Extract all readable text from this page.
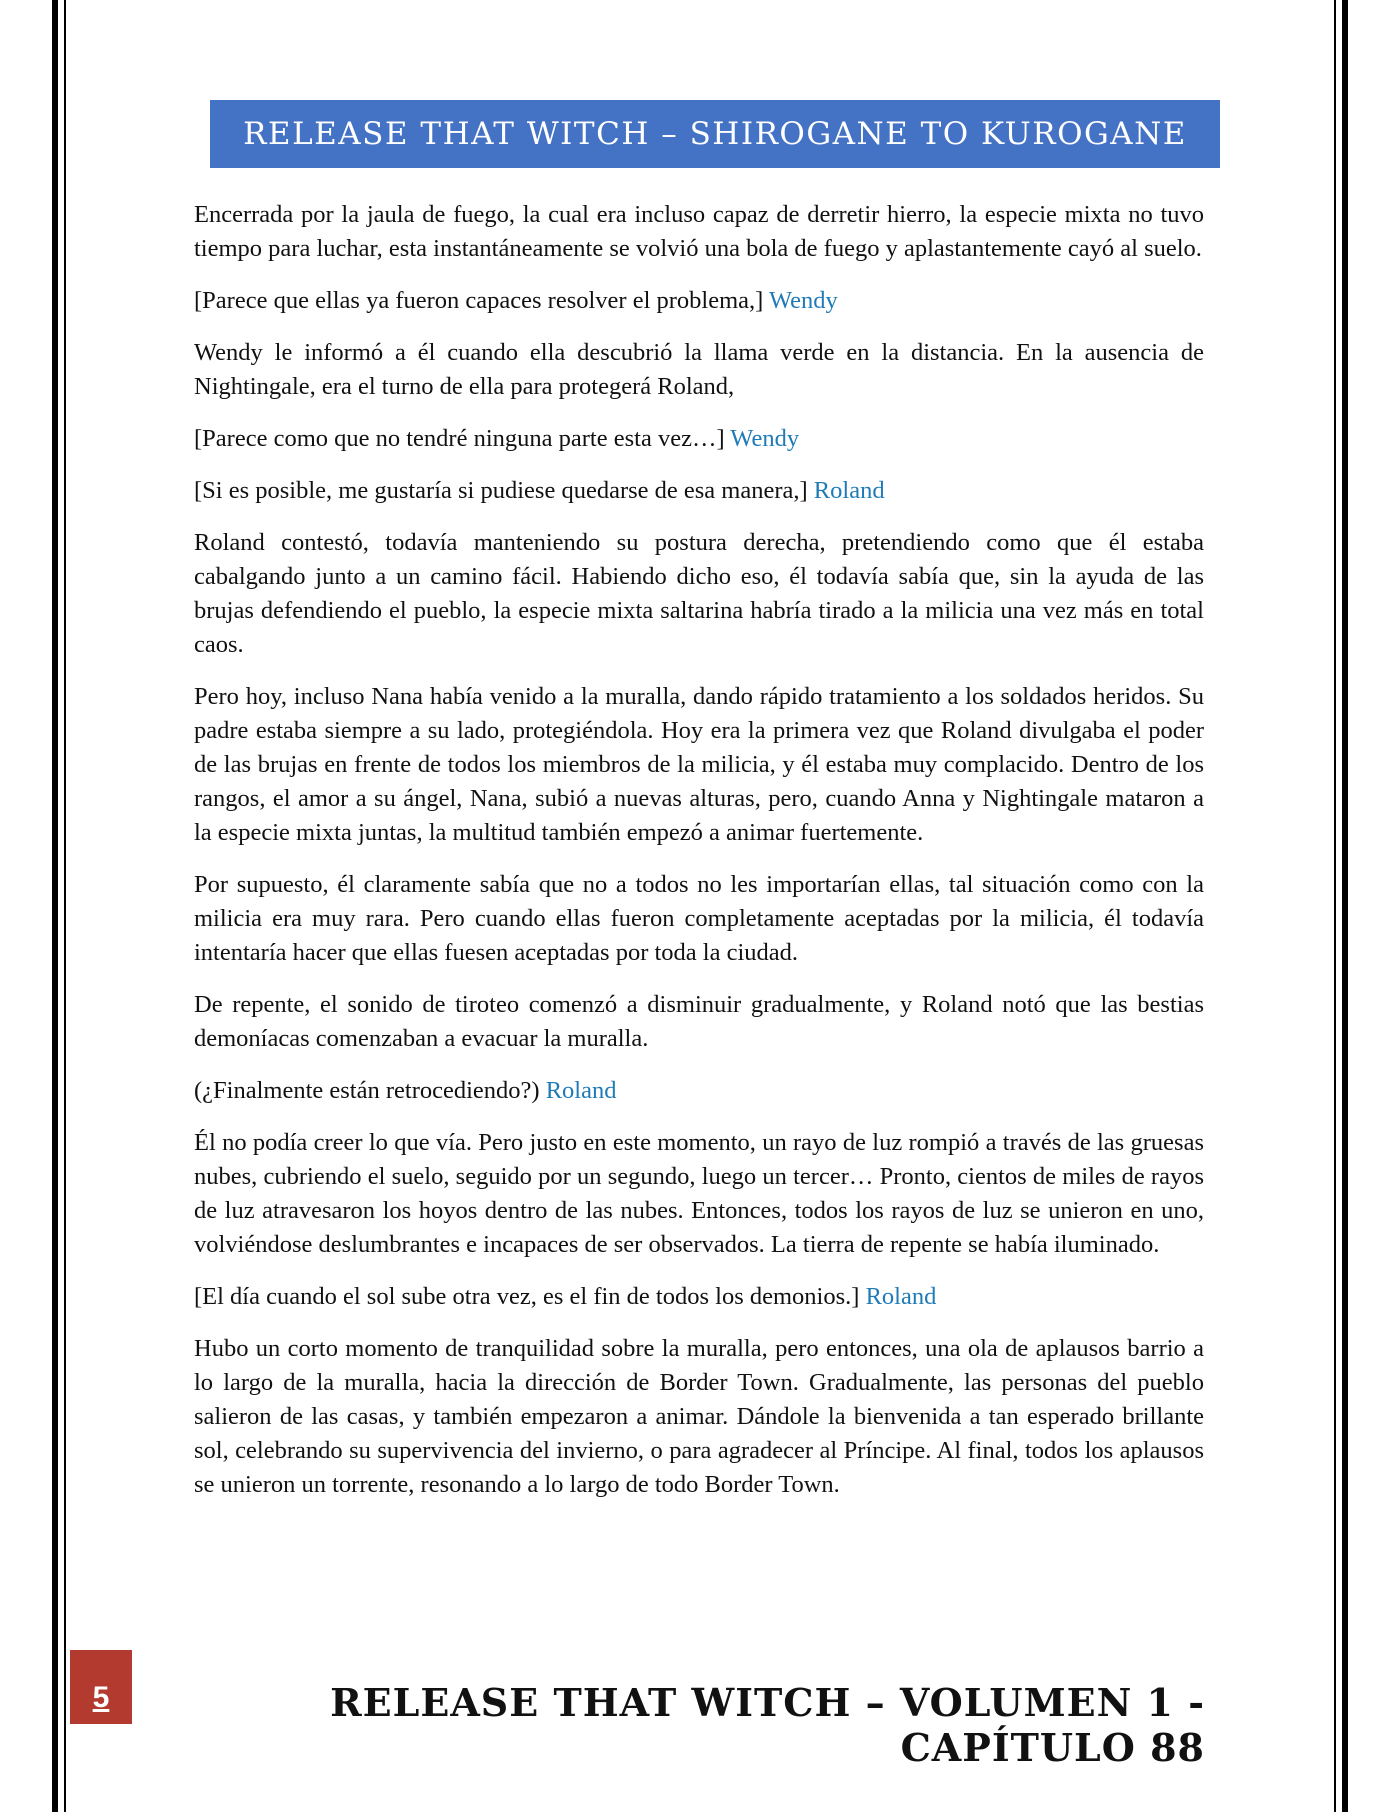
RELEASE THAT WITCH – SHIROGANE TO KUROGANE

Encerrada por la jaula de fuego, la cual era incluso capaz de derretir hierro, la especie mixta no tuvo tiempo para luchar, esta instantáneamente se volvió una bola de fuego y aplastantemente cayó al suelo.

[Parece que ellas ya fueron capaces resolver el problema,] Wendy

Wendy le informó a él cuando ella descubrió la llama verde en la distancia. En la ausencia de Nightingale, era el turno de ella para protegerá Roland,

[Parece como que no tendré ninguna parte esta vez…] Wendy

[Si es posible, me gustaría si pudiese quedarse de esa manera,] Roland

Roland contestó, todavía manteniendo su postura derecha, pretendiendo como que él estaba cabalgando junto a un camino fácil. Habiendo dicho eso, él todavía sabía que, sin la ayuda de las brujas defendiendo el pueblo, la especie mixta saltarina habría tirado a la milicia una vez más en total caos.

Pero hoy, incluso Nana había venido a la muralla, dando rápido tratamiento a los soldados heridos. Su padre estaba siempre a su lado, protegiéndola. Hoy era la primera vez que Roland divulgaba el poder de las brujas en frente de todos los miembros de la milicia, y él estaba muy complacido. Dentro de los rangos, el amor a su ángel, Nana, subió a nuevas alturas, pero, cuando Anna y Nightingale mataron a la especie mixta juntas, la multitud también empezó a animar fuertemente.

Por supuesto, él claramente sabía que no a todos no les importarían ellas, tal situación como con la milicia era muy rara. Pero cuando ellas fueron completamente aceptadas por la milicia, él todavía intentaría hacer que ellas fuesen aceptadas por toda la ciudad.

De repente, el sonido de tiroteo comenzó a disminuir gradualmente, y Roland notó que las bestias demoníacas comenzaban a evacuar la muralla.

(¿Finalmente están retrocediendo?) Roland

Él no podía creer lo que vía. Pero justo en este momento, un rayo de luz rompió a través de las gruesas nubes, cubriendo el suelo, seguido por un segundo, luego un tercer… Pronto, cientos de miles de rayos de luz atravesaron los hoyos dentro de las nubes. Entonces, todos los rayos de luz se unieron en uno, volviéndose deslumbrantes e incapaces de ser observados. La tierra de repente se había iluminado.

[El día cuando el sol sube otra vez, es el fin de todos los demonios.] Roland

Hubo un corto momento de tranquilidad sobre la muralla, pero entonces, una ola de aplausos barrio a lo largo de la muralla, hacia la dirección de Border Town. Gradualmente, las personas del pueblo salieron de las casas, y también empezaron a animar. Dándole la bienvenida a tan esperado brillante sol, celebrando su supervivencia del invierno, o para agradecer al Príncipe. Al final, todos los aplausos se unieron un torrente, resonando a lo largo de todo Border Town.

5	RELEASE THAT WITCH – VOLUMEN 1 - CAPÍTULO 88
